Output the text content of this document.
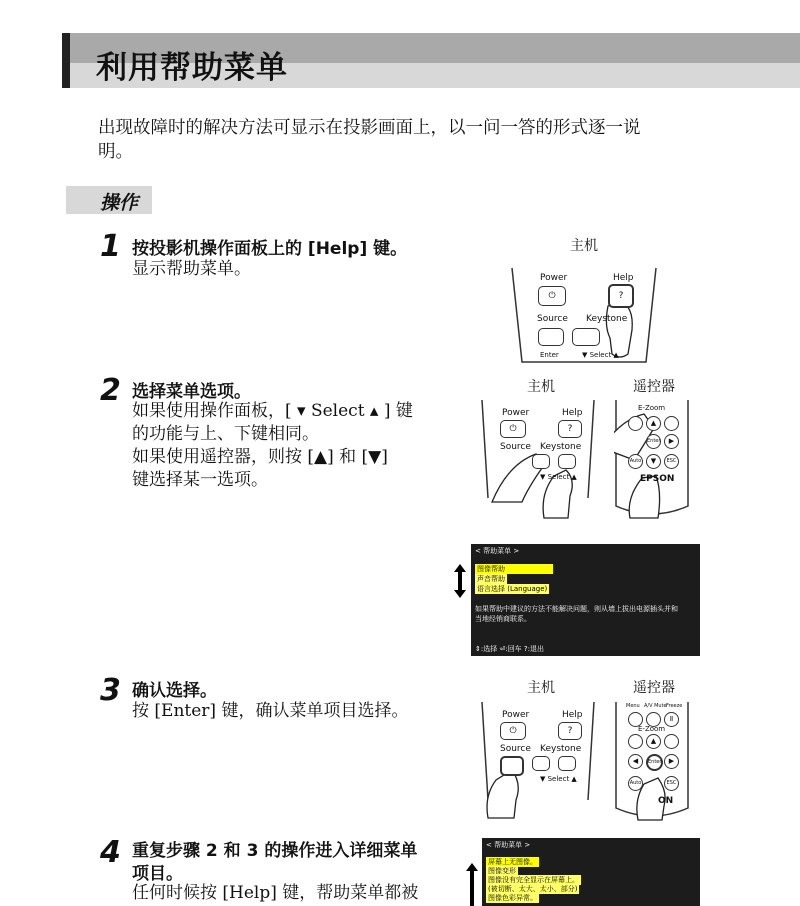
利用帮助菜单
出现故障时的解决方法可显示在投影画面上，以一问一答的形式逐一说
明。
操作
1 按投影机操作面板上的 [Help] 键。
显示帮助菜单。
2 选择菜单选项。
如果使用操作面板，[ ▾ Select ▴ ] 键
的功能与上、下键相同。
如果使用遥控器，则按 [▲] 和 [▼]
键选择某一选项。
3 确认选择。
按 [Enter] 键，确认菜单项目选择。
4 重复步骤 2 和 3 的操作进入详细菜单
项目。
任何时候按 [Help] 键，帮助菜单都被
主机
主机	遥控器
主机	遥控器
Power
⏻
Help
?
Source Keystone
Enter	▼ Select ▲
Power
⏻
Help
?
Source Keystone
▼ Select ▲
E-Zoom
▲
Enter	▶
Auto	▼	ESC
EPSON
< 帮助菜单 >
图像帮助
声音帮助
语言选择 (Language)
如果帮助中建议的方法不能解决问题，则从墙上拔出电源插头并和
当地经销商联系。
⇕:选择 ⏎:回车 ?:退出
Power
⏻
Help
?
Source Keystone
▼ Select ▲
Menu A/V Mute Freeze
Ⅱ
E-Zoom
▲
◀	Enter	▶
Auto	ESC
ON
< 帮助菜单 >
屏幕上无图像。
图像变形
图像没有完全显示在屏幕上。
(被切断、太大、太小、部分)
图像色彩异常。
